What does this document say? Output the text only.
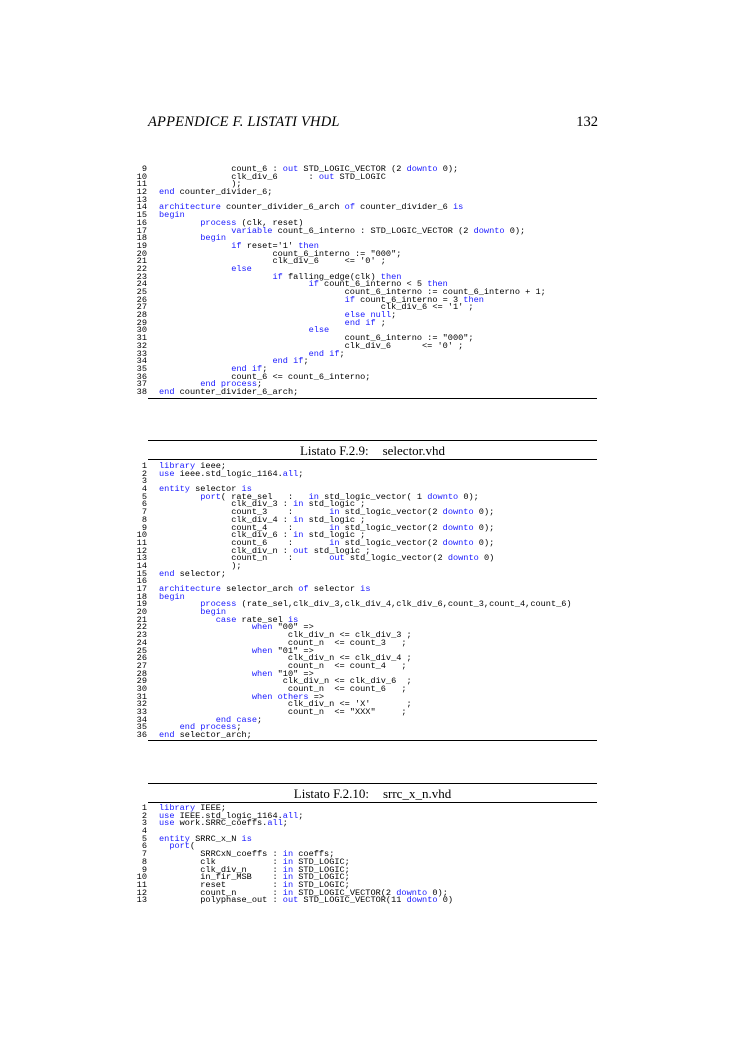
APPENDICE F. LISTATI VHDL	132
9	count_6 : out STD_LOGIC_VECTOR (2 downto 0);
10	clk_div_6      : out STD_LOGIC
11	);
12	end counter_divider_6;
13
14	architecture counter_divider_6_arch of counter_divider_6 is
15	begin
16	process (clk, reset)
17	variable count_6_interno : STD_LOGIC_VECTOR (2 downto 0);
18	begin
19	if reset='1' then
20	count_6_interno := "000";
21	clk_div_6     <= '0' ;
22	else
23	if falling_edge(clk) then
24	if count_6_interno < 5 then
25	count_6_interno := count_6_interno + 1;
26	if count_6_interno = 3 then
27	clk_div_6 <= '1' ;
28	else null;
29	end if ;
30	else
31	count_6_interno := "000";
32	clk_div_6      <= '0' ;
33	end if;
34	end if;
35	end if;
36	count_6 <= count_6_interno;
37	end process;
38	end counter_divider_6_arch;
Listato F.2.9: selector.vhd
1	library ieee;
2	use ieee.std_logic_1164.all;
3
4	entity selector is
5	port( rate_sel   :   in std_logic_vector( 1 downto 0);
6	clk_div_3 : in std_logic ;
7	count_3    :       in std_logic_vector(2 downto 0);
8	clk_div_4 : in std_logic ;
9	count_4    :       in std_logic_vector(2 downto 0);
10	clk_div_6 : in std_logic ;
11	count_6    :       in std_logic_vector(2 downto 0);
12	clk_div_n : out std_logic ;
13	count_n    :       out std_logic_vector(2 downto 0)
14	);
15	end selector;
16
17	architecture selector_arch of selector is
18	begin
19	process (rate_sel,clk_div_3,clk_div_4,clk_div_6,count_3,count_4,count_6)
20	begin
21	case rate_sel is
22	when "00" =>
23	clk_div_n <= clk_div_3 ;
24	count_n  <= count_3   ;
25	when "01" =>
26	clk_div_n <= clk_div_4 ;
27	count_n  <= count_4   ;
28	when "10" =>
29	clk_div_n <= clk_div_6  ;
30	count_n  <= count_6   ;
31	when others =>
32	clk_div_n <= 'X'       ;
33	count_n  <= "XXX"     ;
34	end case;
35	end process;
36	end selector_arch;
Listato F.2.10: srrc_x_n.vhd
1	library IEEE;
2	use IEEE.std_logic_1164.all;
3	use work.SRRC_coeffs.all;
4
5	entity SRRC_x_N is
6	port(
7	SRRCxN_coeffs : in coeffs;
8	clk           : in STD_LOGIC;
9	clk_div_n     : in STD_LOGIC;
10	in_fir_MSB    : in STD_LOGIC;
11	reset         : in STD_LOGIC;
12	count_n       : in STD_LOGIC_VECTOR(2 downto 0);
13	polyphase_out : out STD_LOGIC_VECTOR(11 downto 0)
